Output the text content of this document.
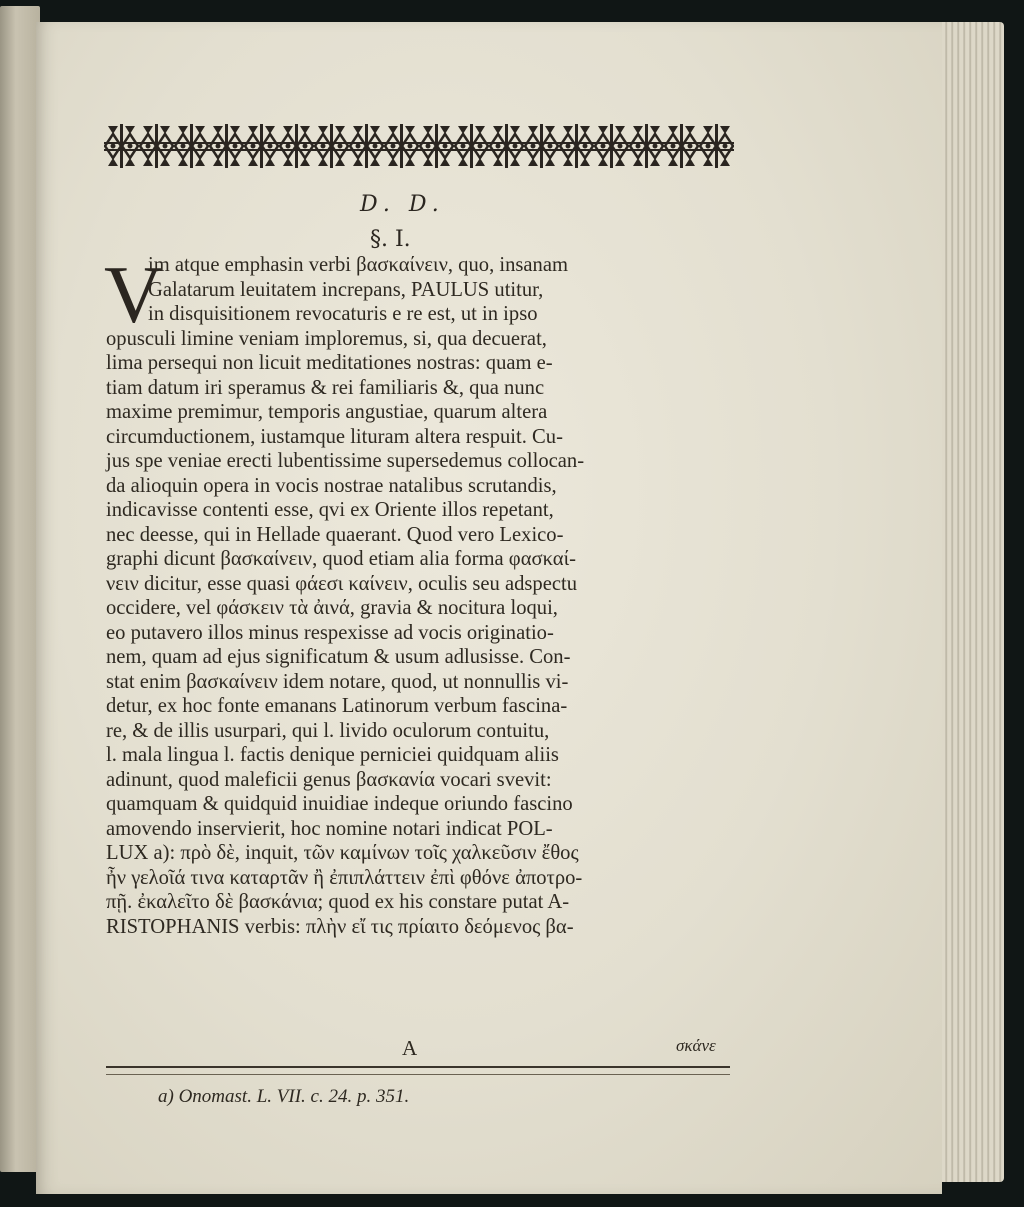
D. D.
§. I.
V
im atque emphasin verbi βασκαίνειν, quo, insanam
Galatarum leuitatem increpans, PAULUS utitur,
in disquisitionem revocaturis e re est, ut in ipso
opusculi limine veniam imploremus, si, qua decuerat,
lima persequi non licuit meditationes nostras: quam e-
tiam datum iri speramus & rei familiaris &, qua nunc
maxime premimur, temporis angustiae, quarum altera
circumductionem, iustamque lituram altera respuit. Cu-
jus spe veniae erecti lubentissime supersedemus collocan-
da alioquin opera in vocis nostrae natalibus scrutandis,
indicavisse contenti esse, qvi ex Oriente illos repetant,
nec deesse, qui in Hellade quaerant. Quod vero Lexico-
graphi dicunt βασκαίνειν, quod etiam alia forma φασκαί-
νειν dicitur, esse quasi φάεσι καίνειν, oculis seu adspectu
occidere, vel φάσκειν τὰ ἀινά, gravia & nocitura loqui,
eo putavero illos minus respexisse ad vocis originatio-
nem, quam ad ejus significatum & usum adlusisse. Con-
stat enim βασκαίνειν idem notare, quod, ut nonnullis vi-
detur, ex hoc fonte emanans Latinorum verbum fascina-
re, & de illis usurpari, qui l. livido oculorum contuitu,
l. mala lingua l. factis denique perniciei quidquam aliis
adinunt, quod maleficii genus βασκανία vocari svevit:
quamquam & quidquid inuidiae indeque oriundo fascino
amovendo inservierit, hoc nomine notari indicat POL-
LUX a): πρὸ δὲ, inquit, τῶν καμίνων τοῖς χαλκεῦσιν ἔθος
ἦν γελοῖά τινα καταρτᾶν ἢ ἐπιπλάττειν ἐπὶ φθόνε ἀποτρο-
πῇ. ἐκαλεῖτο δὲ βασκάνια; quod ex his constare putat A-
RISTOPHANIS verbis: πλὴν εἴ τις πρίαιτο δεόμενος βα-
A	σκάνε
a) Onomast. L. VII. c. 24. p. 351.
